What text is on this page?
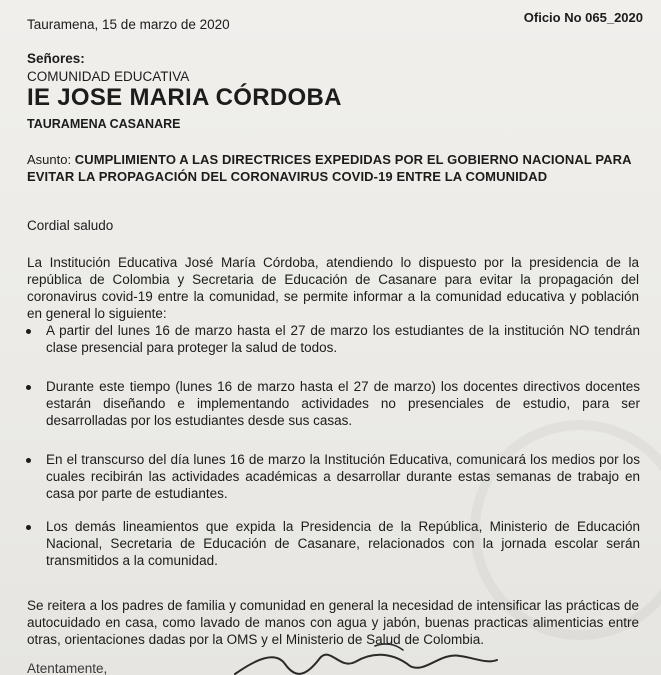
Tauramena, 15 de marzo de 2020	Oficio No 065_2020
Señores:
COMUNIDAD EDUCATIVA
IE JOSE MARIA CÓRDOBA
TAURAMENA CASANARE
Asunto: CUMPLIMIENTO A LAS DIRECTRICES EXPEDIDAS POR EL GOBIERNO NACIONAL PARA EVITAR LA PROPAGACIÓN DEL CORONAVIRUS COVID-19 ENTRE LA COMUNIDAD
Cordial saludo
La Institución Educativa José María Córdoba, atendiendo lo dispuesto por la presidencia de la república de Colombia y Secretaria de Educación de Casanare para evitar la propagación del coronavirus covid-19 entre la comunidad, se permite informar a la comunidad educativa y población en general lo siguiente:
A partir del lunes 16 de marzo hasta el 27 de marzo los estudiantes de la institución NO tendrán clase presencial para proteger la salud de todos.
Durante este tiempo (lunes 16 de marzo hasta el 27 de marzo) los docentes directivos docentes estarán diseñando e implementando actividades no presenciales de estudio, para ser desarrolladas por los estudiantes desde sus casas.
En el transcurso del día lunes 16 de marzo la Institución Educativa, comunicará los medios por los cuales recibirán las actividades académicas a desarrollar durante estas semanas de trabajo en casa por parte de estudiantes.
Los demás lineamientos que expida la Presidencia de la República, Ministerio de Educación Nacional, Secretaria de Educación de Casanare, relacionados con la jornada escolar serán transmitidos a la comunidad.
Se reitera a los padres de familia y comunidad en general la necesidad de intensificar las prácticas de autocuidado en casa, como lavado de manos con agua y jabón, buenas practicas alimenticias entre otras, orientaciones dadas por la OMS y el Ministerio de Salud de Colombia.
Atentamente,
